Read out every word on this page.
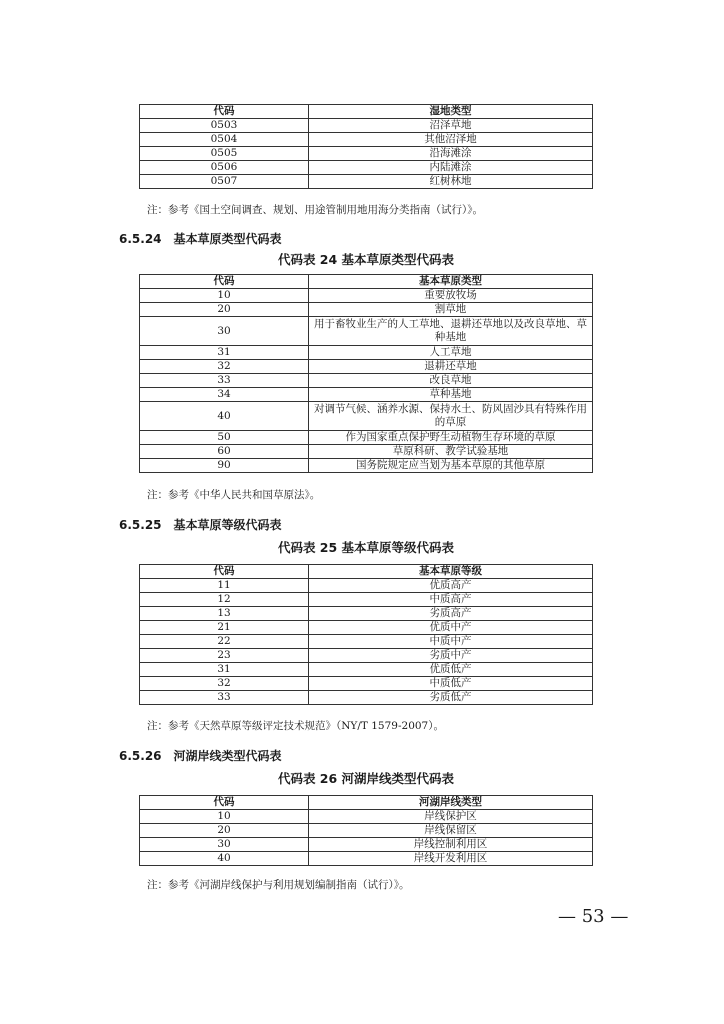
代码	湿地类型
0503	沼泽草地
0504	其他沼泽地
0505	沿海滩涂
0506	内陆滩涂
0507	红树林地
注：参考《国土空间调查、规划、用途管制用地用海分类指南（试行）》。
6.5.24　基本草原类型代码表
代码表 24 基本草原类型代码表
代码	基本草原类型
10	重要放牧场
20	割草地
30	用于畜牧业生产的人工草地、退耕还草地以及改良草地、草种基地
31	人工草地
32	退耕还草地
33	改良草地
34	草种基地
40	对调节气候、涵养水源、保持水土、防风固沙具有特殊作用的草原
50	作为国家重点保护野生动植物生存环境的草原
60	草原科研、教学试验基地
90	国务院规定应当划为基本草原的其他草原
注：参考《中华人民共和国草原法》。
6.5.25　基本草原等级代码表
代码表 25 基本草原等级代码表
代码	基本草原等级
11	优质高产
12	中质高产
13	劣质高产
21	优质中产
22	中质中产
23	劣质中产
31	优质低产
32	中质低产
33	劣质低产
注：参考《天然草原等级评定技术规范》（NY/T 1579-2007）。
6.5.26　河湖岸线类型代码表
代码表 26 河湖岸线类型代码表
代码	河湖岸线类型
10	岸线保护区
20	岸线保留区
30	岸线控制利用区
40	岸线开发利用区
注：参考《河湖岸线保护与利用规划编制指南（试行）》。
— 53 —
